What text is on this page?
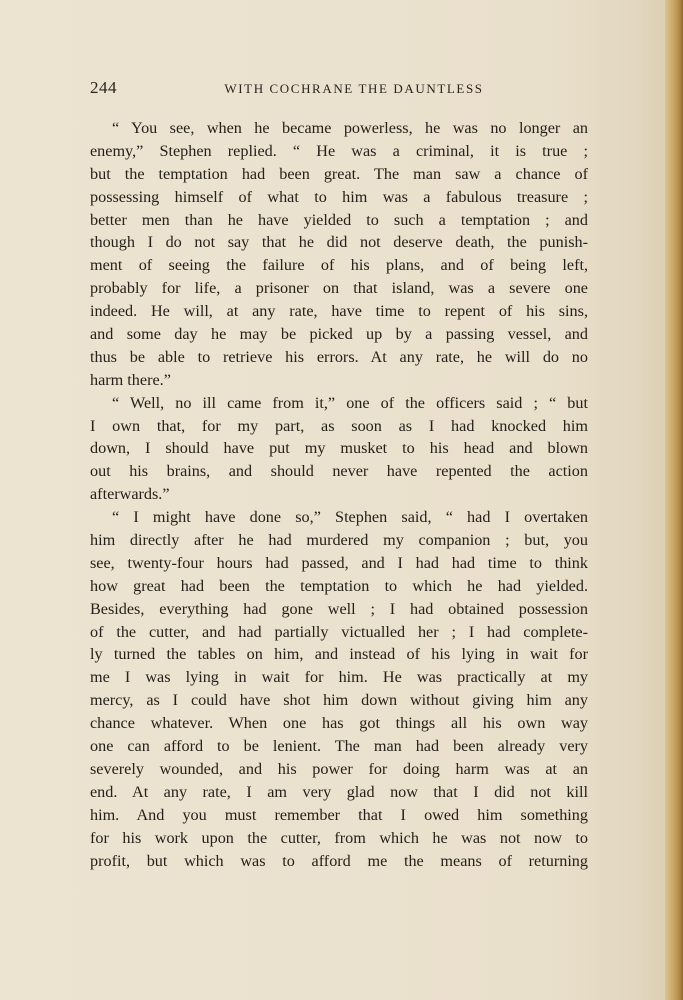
244	WITH COCHRANE THE DAUNTLESS
“ You see, when he became powerless, he was no longer an
enemy,” Stephen replied. “ He was a criminal, it is true ;
but the temptation had been great. The man saw a chance of
possessing himself of what to him was a fabulous treasure ;
better men than he have yielded to such a temptation ; and
though I do not say that he did not deserve death, the punish-
ment of seeing the failure of his plans, and of being left,
probably for life, a prisoner on that island, was a severe one
indeed. He will, at any rate, have time to repent of his sins,
and some day he may be picked up by a passing vessel, and
thus be able to retrieve his errors. At any rate, he will do no
harm there.”
“ Well, no ill came from it,” one of the officers said ; “ but
I own that, for my part, as soon as I had knocked him
down, I should have put my musket to his head and blown
out his brains, and should never have repented the action
afterwards.”
“ I might have done so,” Stephen said, “ had I overtaken
him directly after he had murdered my companion ; but, you
see, twenty-four hours had passed, and I had had time to think
how great had been the temptation to which he had yielded.
Besides, everything had gone well ; I had obtained possession
of the cutter, and had partially victualled her ; I had complete-
ly turned the tables on him, and instead of his lying in wait for
me I was lying in wait for him. He was practically at my
mercy, as I could have shot him down without giving him any
chance whatever. When one has got things all his own way
one can afford to be lenient. The man had been already very
severely wounded, and his power for doing harm was at an
end. At any rate, I am very glad now that I did not kill
him. And you must remember that I owed him something
for his work upon the cutter, from which he was not now to
profit, but which was to afford me the means of returning
